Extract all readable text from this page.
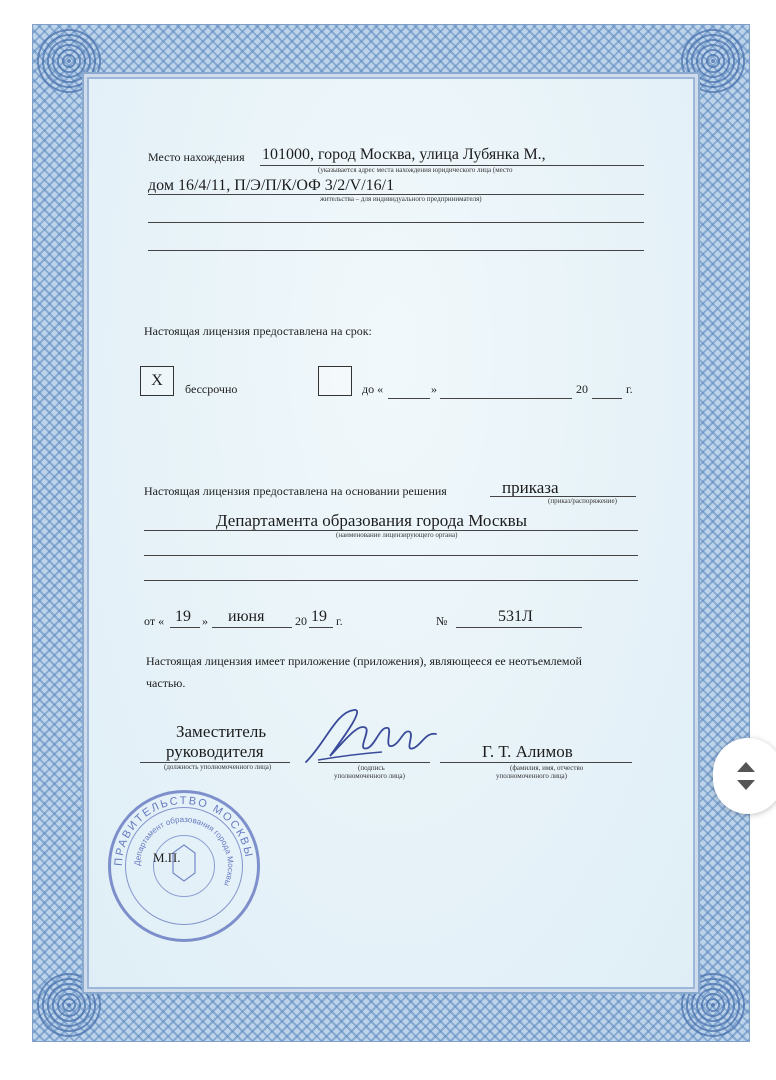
Место нахождения 101000, город Москва, улица Лубянка М.,
(указывается адрес места нахождения юридического лица (место
дом 16/4/11, П/Э/П/К/ОФ 3/2/V/16/1
жительства – для индивидуального предпринимателя)
Настоящая лицензия предоставлена на срок:
X	бессрочно	до «	»	20	г.
Настоящая лицензия предоставлена на основании решения	приказа
(приказ/распоряжение)
Департамента образования города Москвы
(наименование лицензирующего органа)
от « 19 » июня	20 19 г.	№	531Л
Настоящая лицензия имеет приложение (приложения), являющееся ее неотъемлемой
частью.
Заместитель
руководителя
(должность уполномоченного лица)	(подпись
уполномоченного лица)
Г. Т. Алимов
(фамилия, имя, отчество
уполномоченного лица)
ПРАВИТЕЛЬСТВО МОСКВЫ
Департамент образования города Москвы
М.П.
